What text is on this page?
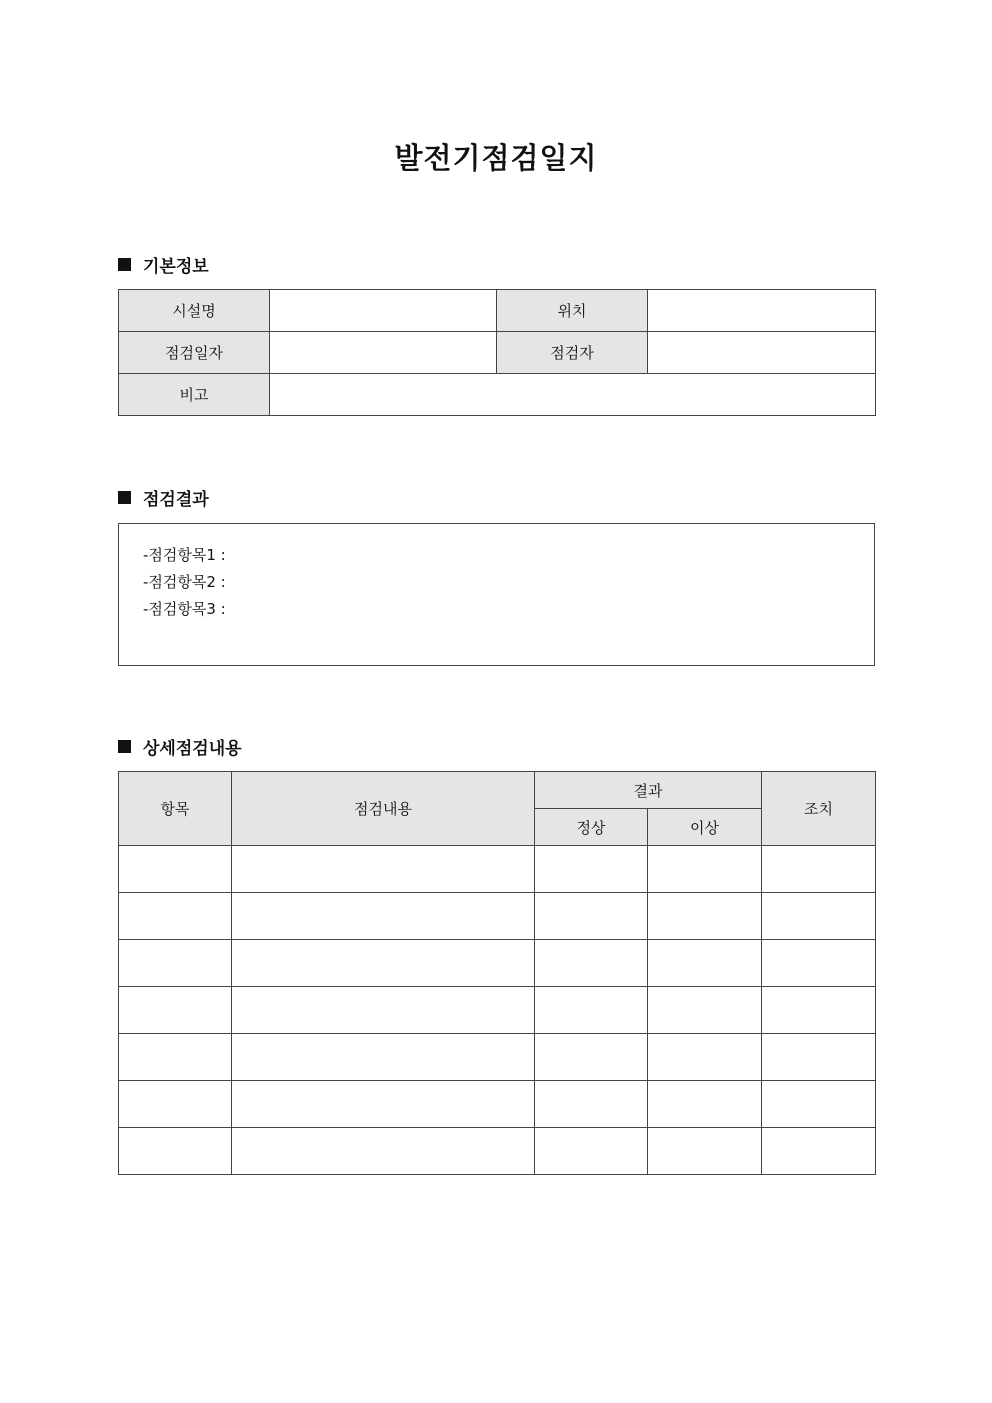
발전기점검일지
기본정보
시설명		위치	
점검일자		점검자	
비고			
점검결과
-점검항목1 :
-점검항목2 :
-점검항목3 :
상세점검내용
항목	점검내용	결과		조치
		정상	이상	
